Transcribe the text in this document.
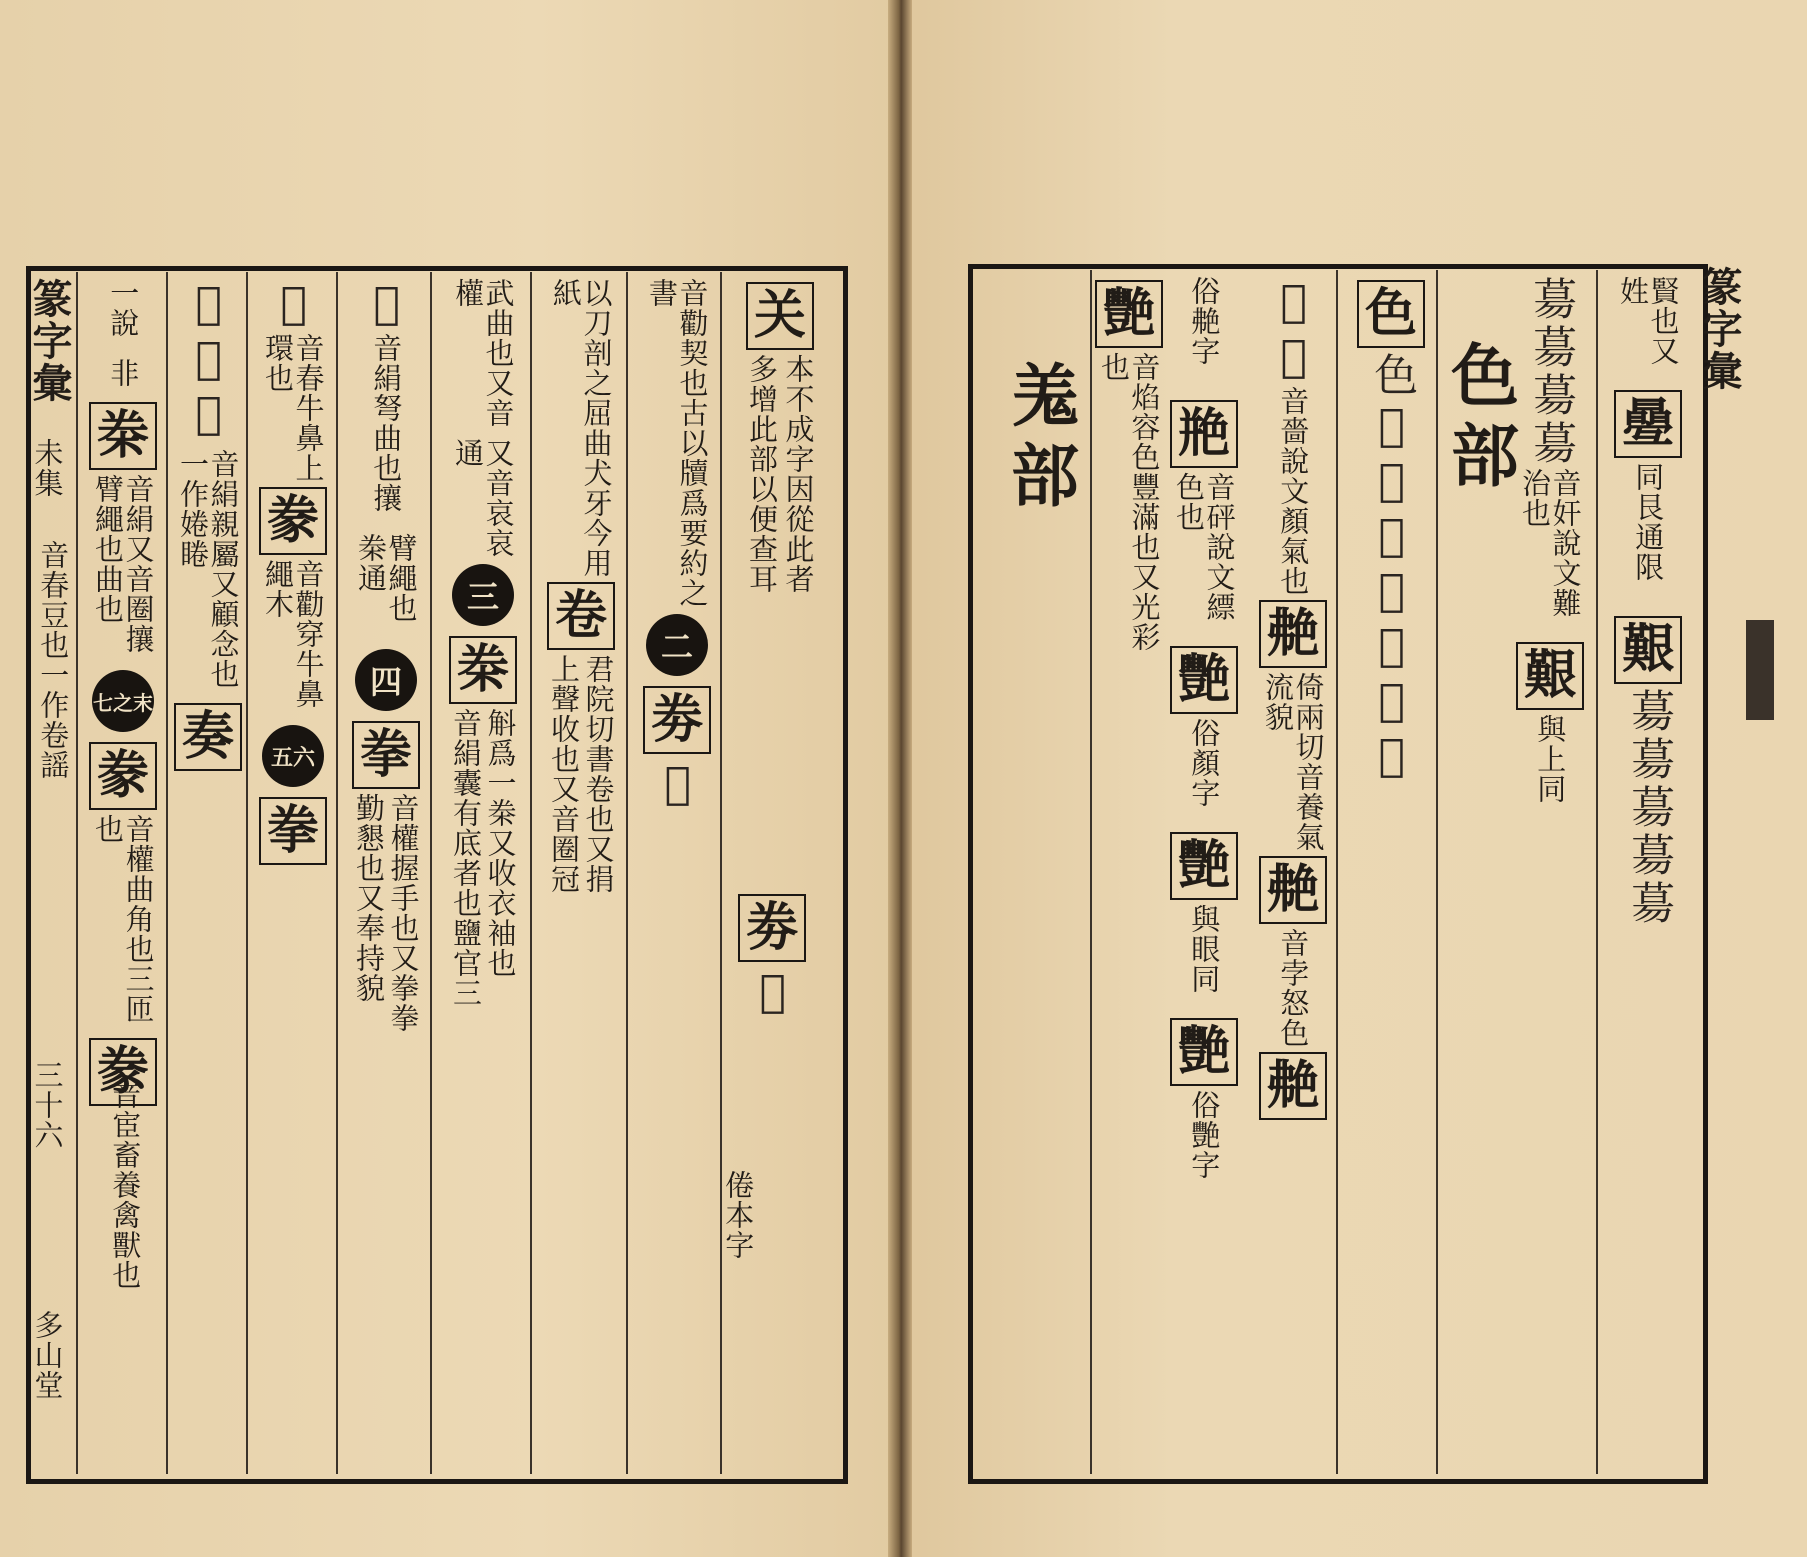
篆字彙
未集
三十六
多山堂
关
多增此部以便查耳 本不成字因從此者
劵
𢍉
倦本字
音勸契也古以牘爲要約之書
二
劵
𢍉
以刀剖之屈曲犬牙今用紙
卷
上聲收也又音圈冠 君院切書卷也又捐
武曲也又音權
又音哀哀通
三
桊
音絹囊有底者也鹽官三 斛爲一桊又收衣袖也
𢍉
音絹弩曲也攘
臂繩也桊通
四
拳
勤懇也又奉持貌 音權握手也又拳拳
𢍉
音春牛鼻上環也
豢
音勸穿牛鼻繩木
五六
拳
𢍉𢍉𢍉
音絹親屬又顧念也一作婘睠
奏
一說
非
桊
音絹又音圈攘臂繩也曲也
七之末
豢
音權曲角也三匝也
豢
音春豆也一作卷謡
音宦畜養禽獸也
篆字彙
賢也又姓
㬪
同艮通限
艱
𦳝𦳝𦳝𦳝𦳝
𦳝𦳝𦳝𦳝
音奸說文難治也
艱
與上同
色部
色
色𦫵𦫵𦫵𦫵𦫵𦫵𦫵
𦫵𦫵
音嗇說文顏氣也
艴
倚兩切音養氣流貌
艴
音孛怒色
艴
俗艴字
艵
音砰說文縹色也
艷
俗顏字
艷
與眼同
艷
俗艷字
艷
音焰容色豐滿也又光彩也
羗部
